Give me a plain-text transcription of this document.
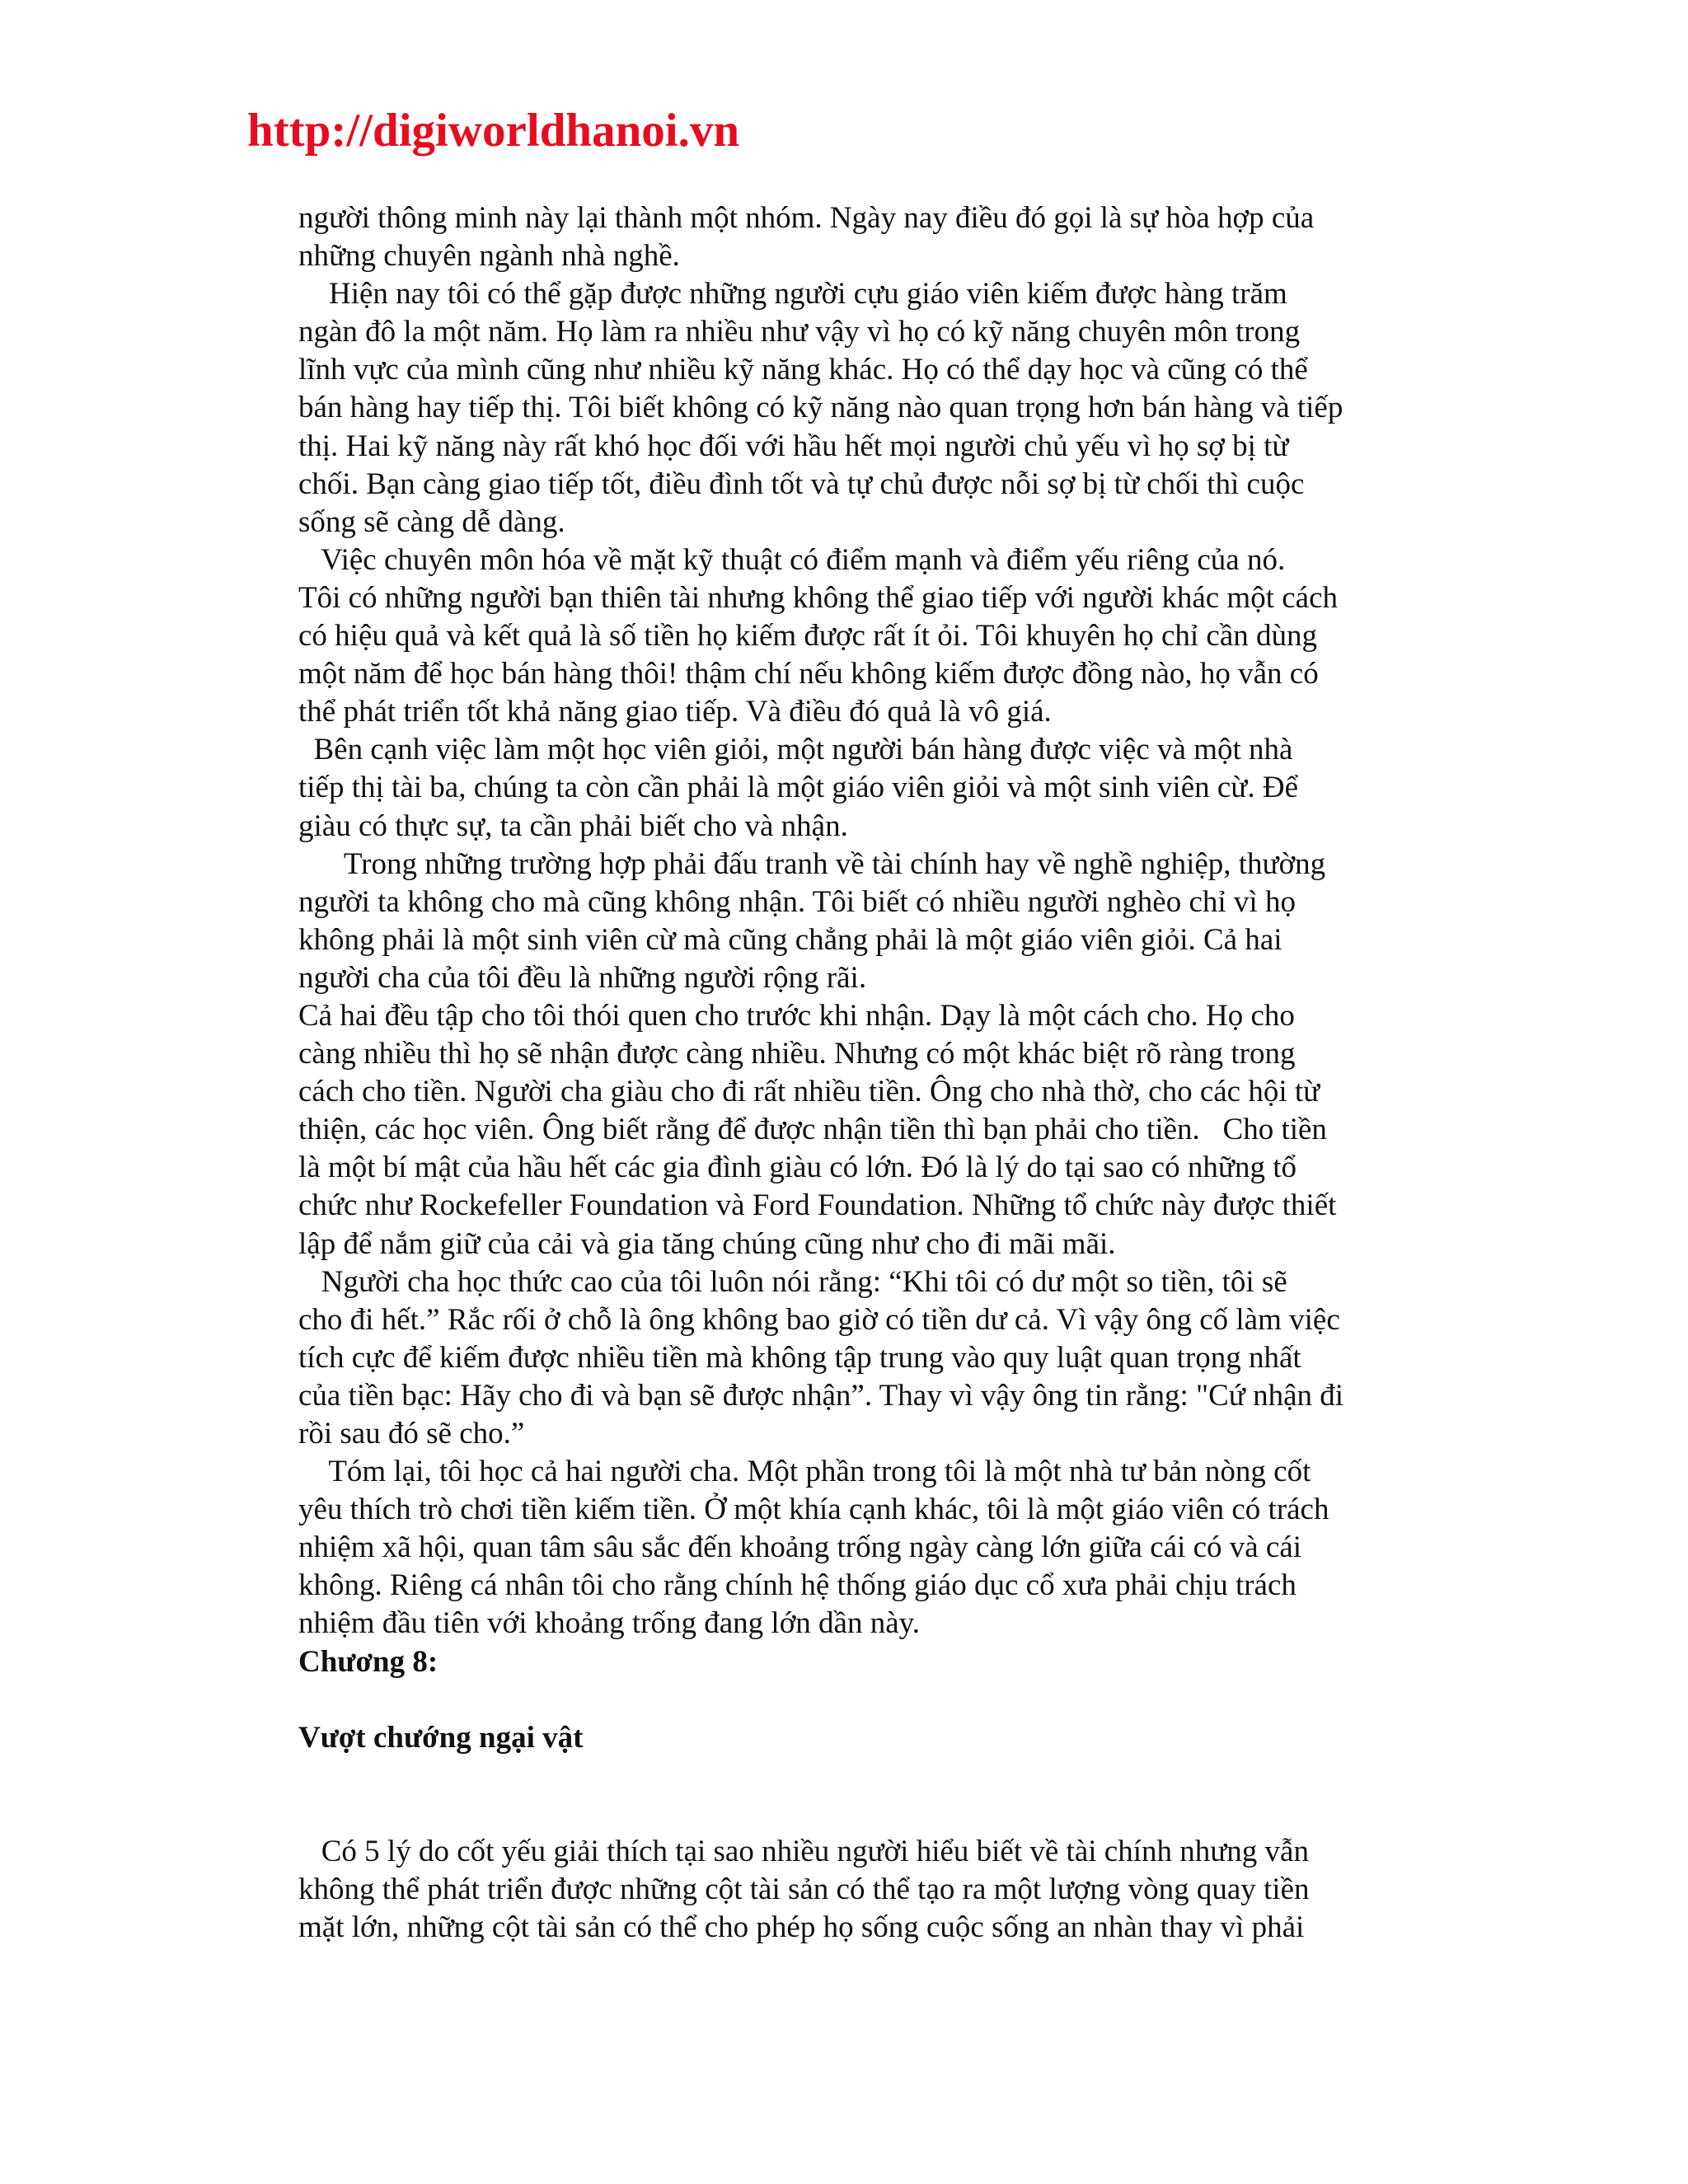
http://digiworldhanoi.vn
người thông minh này lại thành một nhóm. Ngày nay điều đó gọi là sự hòa hợp của
những chuyên ngành nhà nghề.
Hiện nay tôi có thể gặp được những người cựu giáo viên kiếm được hàng trăm
ngàn đô la một năm. Họ làm ra nhiều như vậy vì họ có kỹ năng chuyên môn trong
lĩnh vực của mình cũng như nhiều kỹ năng khác. Họ có thể dạy học và cũng có thể
bán hàng hay tiếp thị. Tôi biết không có kỹ năng nào quan trọng hơn bán hàng và tiếp
thị. Hai kỹ năng này rất khó học đối với hầu hết mọi người chủ yếu vì họ sợ bị từ
chối. Bạn càng giao tiếp tốt, điều đình tốt và tự chủ được nỗi sợ bị từ chối thì cuộc
sống sẽ càng dễ dàng.
Việc chuyên môn hóa về mặt kỹ thuật có điểm mạnh và điểm yếu riêng của nó.
Tôi có những người bạn thiên tài nhưng không thể giao tiếp với người khác một cách
có hiệu quả và kết quả là số tiền họ kiếm được rất ít ỏi. Tôi khuyên họ chỉ cần dùng
một năm để học bán hàng thôi! thậm chí nếu không kiếm được đồng nào, họ vẫn có
thể phát triển tốt khả năng giao tiếp. Và điều đó quả là vô giá.
Bên cạnh việc làm một học viên giỏi, một người bán hàng được việc và một nhà
tiếp thị tài ba, chúng ta còn cần phải là một giáo viên giỏi và một sinh viên cừ. Để
giàu có thực sự, ta cần phải biết cho và nhận.
Trong những trường hợp phải đấu tranh về tài chính hay về nghề nghiệp, thường
người ta không cho mà cũng không nhận. Tôi biết có nhiều người nghèo chỉ vì họ
không phải là một sinh viên cừ mà cũng chẳng phải là một giáo viên giỏi. Cả hai
người cha của tôi đều là những người rộng rãi.
Cả hai đều tập cho tôi thói quen cho trước khi nhận. Dạy là một cách cho. Họ cho
càng nhiều thì họ sẽ nhận được càng nhiều. Nhưng có một khác biệt rõ ràng trong
cách cho tiền. Người cha giàu cho đi rất nhiều tiền. Ông cho nhà thờ, cho các hội từ
thiện, các học viên. Ông biết rằng để được nhận tiền thì bạn phải cho tiền.   Cho tiền
là một bí mật của hầu hết các gia đình giàu có lớn. Đó là lý do tại sao có những tổ
chức như Rockefeller Foundation và Ford Foundation. Những tổ chức này được thiết
lập để nắm giữ của cải và gia tăng chúng cũng như cho đi mãi mãi.
Người cha học thức cao của tôi luôn nói rằng: “Khi tôi có dư một so tiền, tôi sẽ
cho đi hết.” Rắc rối ở chỗ là ông không bao giờ có tiền dư cả. Vì vậy ông cố làm việc
tích cực để kiếm được nhiều tiền mà không tập trung vào quy luật quan trọng nhất
của tiền bạc: Hãy cho đi và bạn sẽ được nhận”. Thay vì vậy ông tin rằng: "Cứ nhận đi
rồi sau đó sẽ cho.”
Tóm lại, tôi học cả hai người cha. Một phần trong tôi là một nhà tư bản nòng cốt
yêu thích trò chơi tiền kiếm tiền. Ở một khía cạnh khác, tôi là một giáo viên có trách
nhiệm xã hội, quan tâm sâu sắc đến khoảng trống ngày càng lớn giữa cái có và cái
không. Riêng cá nhân tôi cho rằng chính hệ thống giáo dục cổ xưa phải chịu trách
nhiệm đầu tiên với khoảng trống đang lớn dần này.
Chương 8:
Vượt chướng ngại vật
Có 5 lý do cốt yếu giải thích tại sao nhiều người hiểu biết về tài chính nhưng vẫn
không thể phát triển được những cột tài sản có thể tạo ra một lượng vòng quay tiền
mặt lớn, những cột tài sản có thể cho phép họ sống cuộc sống an nhàn thay vì phải
